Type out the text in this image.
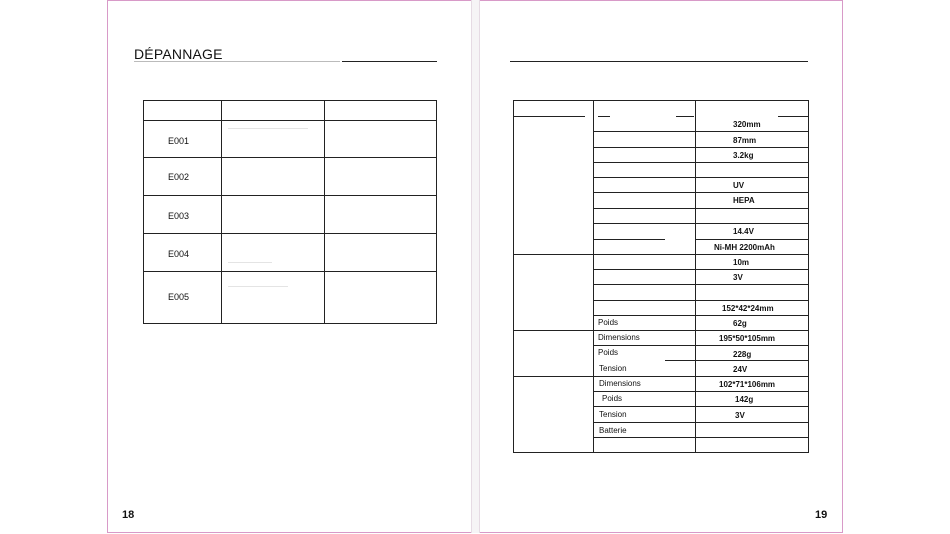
DÉPANNAGE
E001
E002
E003
E004
E005
18
320mm
87mm
3.2kg
UV
HEPA
14.4V
Ni-MH 2200mAh
10m
3V
152*42*24mm
62g
195*50*105mm
228g
24V
102*71*106mm
142g
3V
Poids
Dimensions
Poids
Tension
Dimensions
Poids
Tension
Batterie
19
